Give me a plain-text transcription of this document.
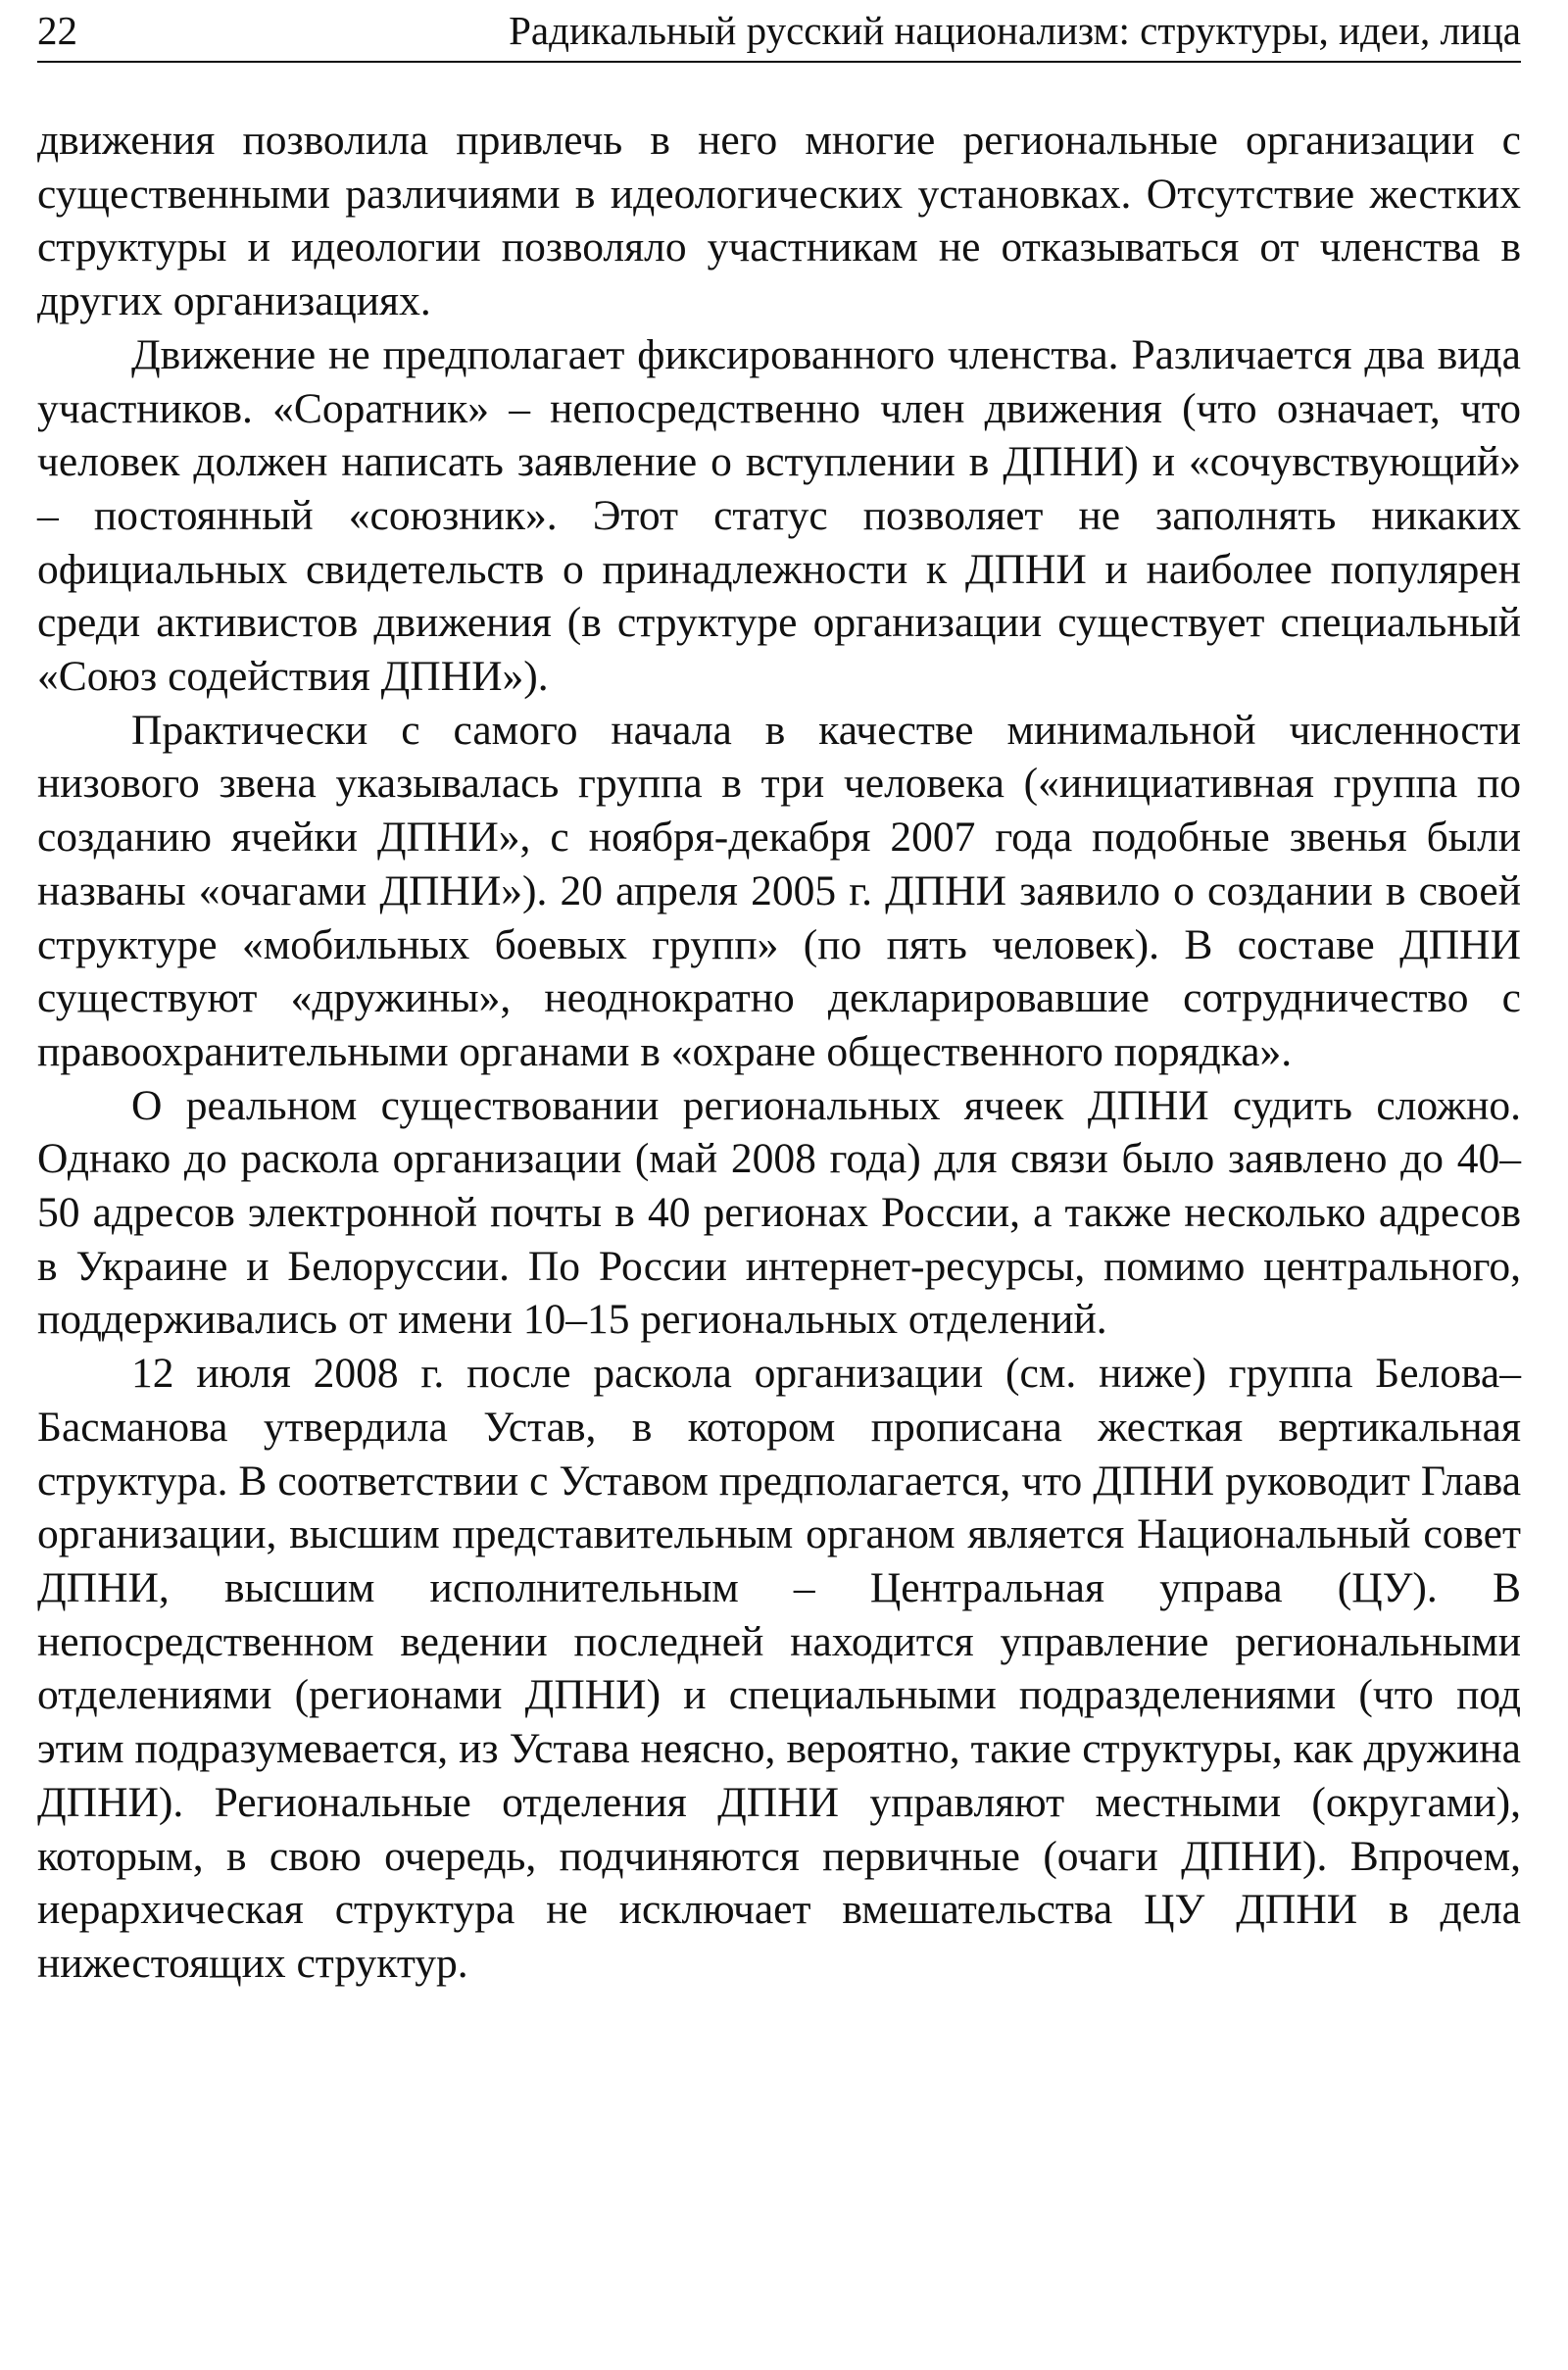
22	Радикальный русский национализм: структуры, идеи, лица

движения позволила привлечь в него многие региональные организации с существенными различиями в идеологических установках. Отсутствие жестких структуры и идеологии позволяло участникам не отказываться от членства в других организациях.

Движение не предполагает фиксированного членства. Различается два вида участников. «Соратник» – непосредственно член движения (что означает, что человек должен написать заявление о вступлении в ДПНИ) и «сочувствующий» – постоянный «союзник». Этот статус позволяет не заполнять никаких официальных свидетельств о принадлежности к ДПНИ и наиболее популярен среди активистов движения (в структуре организации существует специальный «Союз содействия ДПНИ»).

Практически с самого начала в качестве минимальной численности низового звена указывалась группа в три человека («инициативная группа по созданию ячейки ДПНИ», с ноября-декабря 2007 года подобные звенья были названы «очагами ДПНИ»). 20 апреля 2005 г. ДПНИ заявило о создании в своей структуре «мобильных боевых групп» (по пять человек). В составе ДПНИ существуют «дружины», неоднократно декларировавшие сотрудничество с правоохранительными органами в «охране общественного порядка».

О реальном существовании региональных ячеек ДПНИ судить сложно. Однако до раскола организации (май 2008 года) для связи было заявлено до 40–50 адресов электронной почты в 40 регионах России, а также несколько адресов в Украине и Белоруссии. По России интернет-ресурсы, помимо центрального, поддерживались от имени 10–15 региональных отделений.

12 июля 2008 г. после раскола организации (см. ниже) группа Белова–Басманова утвердила Устав, в котором прописана жесткая вертикальная структура. В соответствии с Уставом предполагается, что ДПНИ руководит Глава организации, высшим представительным органом является Национальный совет ДПНИ, высшим исполнительным – Центральная управа (ЦУ). В непосредственном ведении последней находится управление региональными отделениями (регионами ДПНИ) и специальными подразделениями (что под этим подразумевается, из Устава неясно, вероятно, такие структуры, как дружина ДПНИ). Региональные отделения ДПНИ управляют местными (округами), которым, в свою очередь, подчиняются первичные (очаги ДПНИ). Впрочем, иерархическая структура не исключает вмешательства ЦУ ДПНИ в дела нижестоящих структур.
